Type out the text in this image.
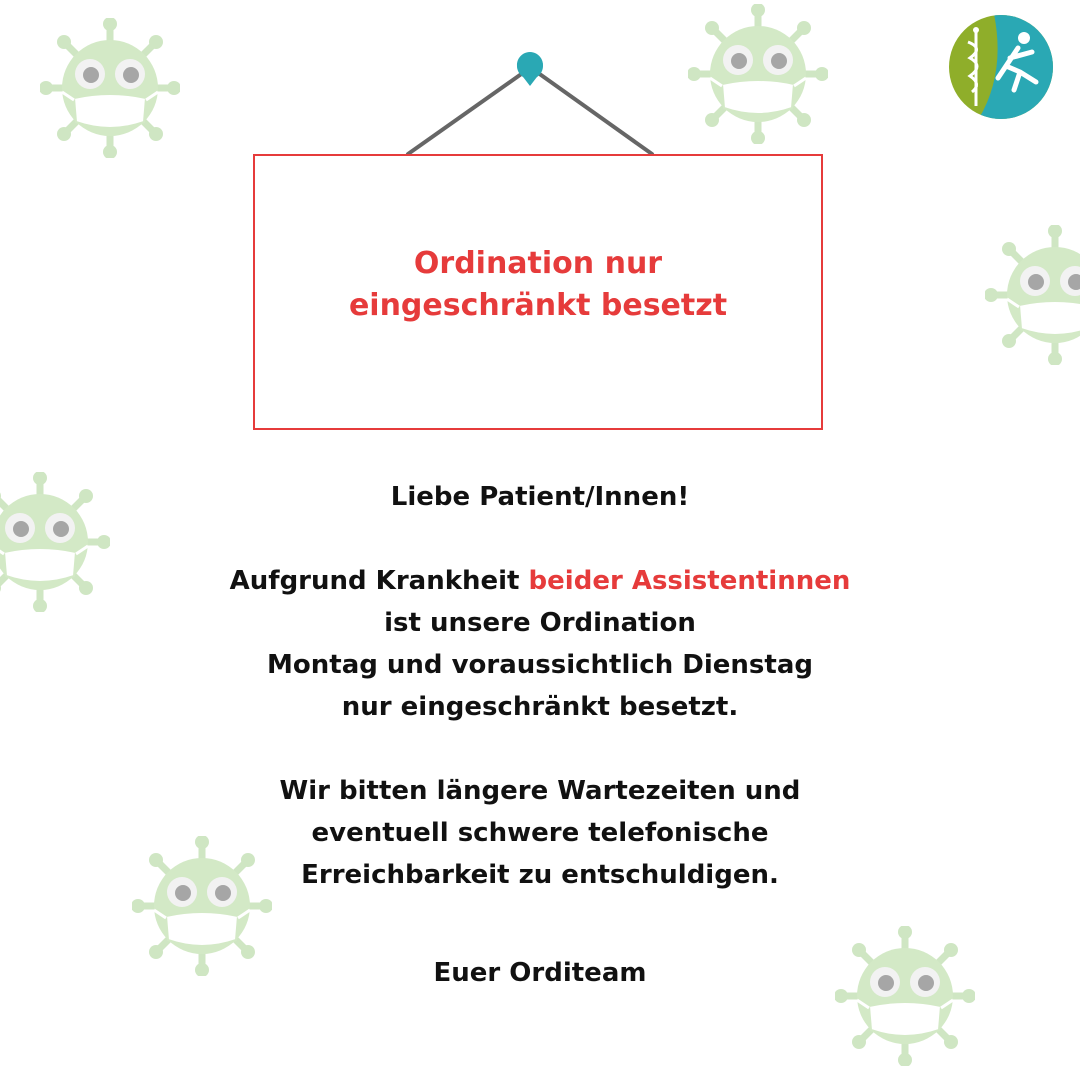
Ordination nur
eingeschränkt besetzt

Liebe Patient/Innen!

Aufgrund Krankheit beider Assistentinnen
ist unsere Ordination
Montag und voraussichtlich Dienstag
nur eingeschränkt besetzt.

Wir bitten längere Wartezeiten und
eventuell schwere telefonische
Erreichbarkeit zu entschuldigen.

Euer Orditeam
